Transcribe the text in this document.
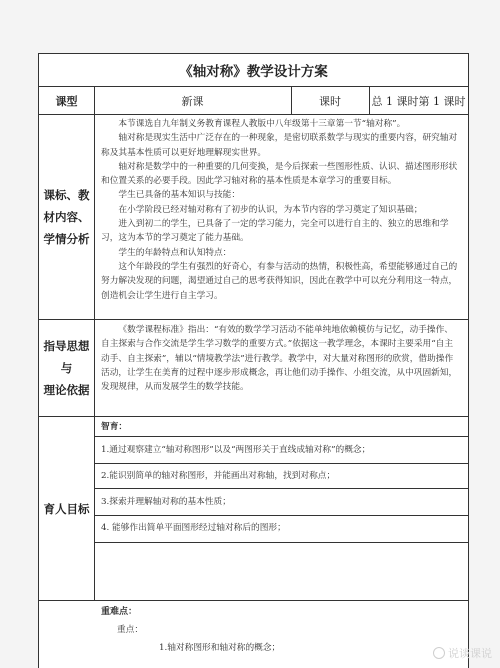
《轴对称》教学设计方案
课型	新课	课时	总 1 课时第 1 课时
课标、教
材内容、
学情分析

本节课选自九年制义务教育课程人教版中八年级第十三章第一节“轴对称”。

轴对称是现实生活中广泛存在的一种现象，是密切联系数学与现实的重要内容，研究轴对称及其基本性质可以更好地理解现实世界。

轴对称是数学中的一种重要的几何变换，是今后探索一些图形性质、认识、描述图形形状和位置关系的必要手段。因此学习轴对称的基本性质是本章学习的重要目标。

学生已具备的基本知识与技能：

在小学阶段已经对轴对称有了初步的认识，为本节内容的学习奠定了知识基础；

进入到初二的学生，已具备了一定的学习能力，完全可以进行自主的、独立的思维和学习，这为本节的学习奠定了能力基础。

学生的年龄特点和认知特点：

这个年龄段的学生有强烈的好奇心，有参与活动的热情，积极性高，希望能够通过自己的努力解决发现的问题，渴望通过自己的思考获得知识，因此在教学中可以充分利用这一特点，创造机会让学生进行自主学习。

指导思想
与
理论依据

《数学课程标准》指出：“有效的数学学习活动不能单纯地依赖模仿与记忆，动手操作、自主探索与合作交流是学生学习数学的重要方式。”依据这一教学理念，本课时主要采用“自主动手、自主探索”，辅以“情境教学法”进行教学。教学中，对大量对称图形的欣赏，借助操作活动，让学生在美育的过程中逐步形成概念，再让他们动手操作、小组交流，从中巩固新知，发现规律，从而发展学生的数学技能。

育人目标
智育：
1.通过观察建立“轴对称图形”以及“两图形关于直线成轴对称”的概念；
2.能识别简单的轴对称图形，并能画出对称轴，找到对称点；
3.探索并理解轴对称的基本性质；
4. 能够作出简单平面图形经过轴对称后的图形；
重难点：
重点：
1.轴对称图形和轴对称的概念；	说谈课说
